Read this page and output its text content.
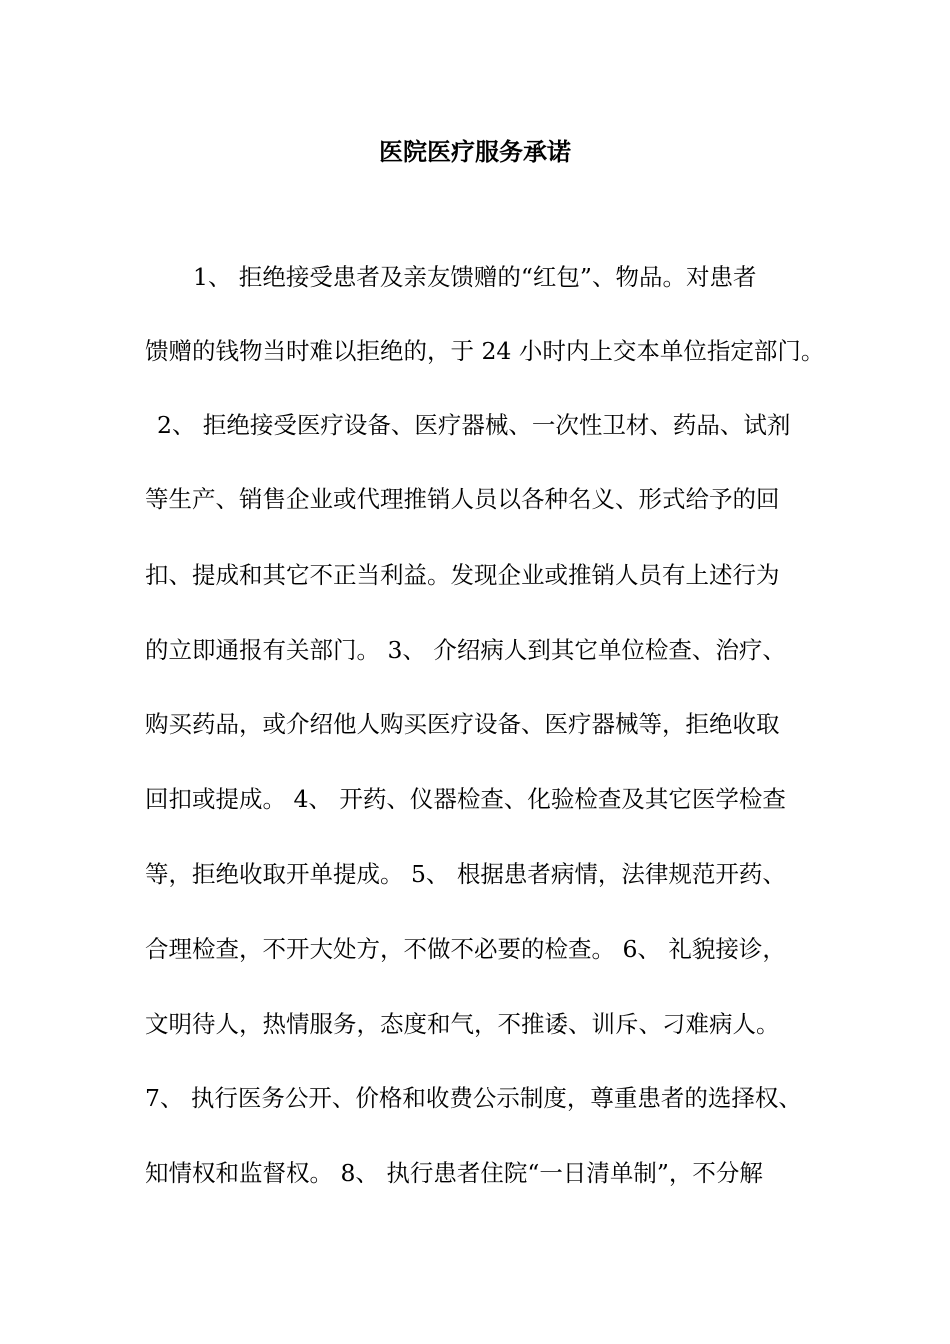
医院医疗服务承诺
1、 拒绝接受患者及亲友馈赠的“红包”、物品。对患者
馈赠的钱物当时难以拒绝的，于 24 小时内上交本单位指定部门。
2、 拒绝接受医疗设备、医疗器械、一次性卫材、药品、试剂
等生产、销售企业或代理推销人员以各种名义、形式给予的回
扣、提成和其它不正当利益。发现企业或推销人员有上述行为
的立即通报有关部门。 3、 介绍病人到其它单位检查、治疗、
购买药品，或介绍他人购买医疗设备、医疗器械等，拒绝收取
回扣或提成。 4、 开药、仪器检查、化验检查及其它医学检查
等，拒绝收取开单提成。 5、 根据患者病情，法律规范开药、
合理检查，不开大处方，不做不必要的检查。 6、 礼貌接诊，
文明待人，热情服务，态度和气，不推诿、训斥、刁难病人。
7、 执行医务公开、价格和收费公示制度，尊重患者的选择权、
知情权和监督权。 8、 执行患者住院“一日清单制”，不分解
